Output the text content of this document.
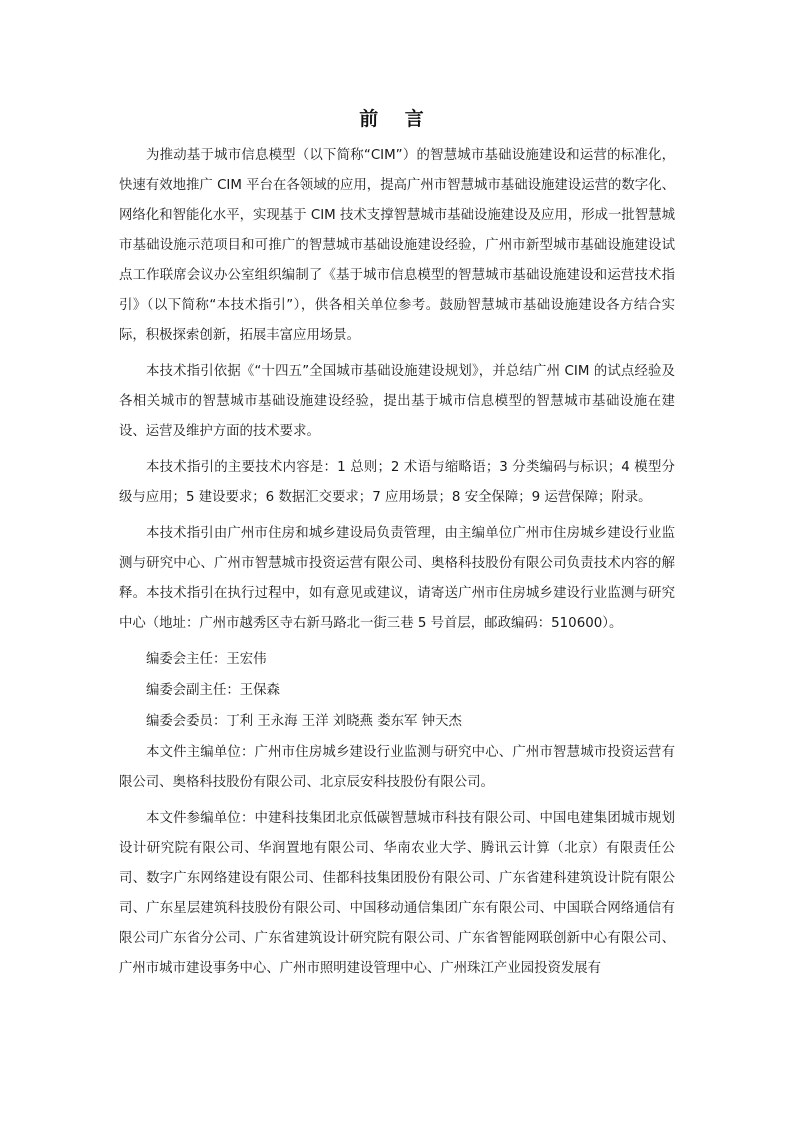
前 言

为推动基于城市信息模型（以下简称“CIM”）的智慧城市基础设施建设和运营的标准化，快速有效地推广 CIM 平台在各领域的应用，提高广州市智慧城市基础设施建设运营的数字化、网络化和智能化水平，实现基于 CIM 技术支撑智慧城市基础设施建设及应用，形成一批智慧城市基础设施示范项目和可推广的智慧城市基础设施建设经验，广州市新型城市基础设施建设试点工作联席会议办公室组织编制了《基于城市信息模型的智慧城市基础设施建设和运营技术指引》（以下简称“本技术指引”），供各相关单位参考。鼓励智慧城市基础设施建设各方结合实际，积极探索创新，拓展丰富应用场景。

本技术指引依据《“十四五”全国城市基础设施建设规划》，并总结广州 CIM 的试点经验及各相关城市的智慧城市基础设施建设经验，提出基于城市信息模型的智慧城市基础设施在建设、运营及维护方面的技术要求。

本技术指引的主要技术内容是：1 总则；2 术语与缩略语；3 分类编码与标识；4 模型分级与应用；5 建设要求；6 数据汇交要求；7 应用场景；8 安全保障；9 运营保障；附录。

本技术指引由广州市住房和城乡建设局负责管理，由主编单位广州市住房城乡建设行业监测与研究中心、广州市智慧城市投资运营有限公司、奥格科技股份有限公司负责技术内容的解释。本技术指引在执行过程中，如有意见或建议，请寄送广州市住房城乡建设行业监测与研究中心（地址：广州市越秀区寺右新马路北一街三巷 5 号首层，邮政编码：510600）。

编委会主任：王宏伟

编委会副主任：王保森

编委会委员：丁利 王永海 王洋 刘晓燕 娄东军 钟天杰

本文件主编单位：广州市住房城乡建设行业监测与研究中心、广州市智慧城市投资运营有限公司、奥格科技股份有限公司、北京辰安科技股份有限公司。

本文件参编单位：中建科技集团北京低碳智慧城市科技有限公司、中国电建集团城市规划设计研究院有限公司、华润置地有限公司、华南农业大学、腾讯云计算（北京）有限责任公司、数字广东网络建设有限公司、佳都科技集团股份有限公司、广东省建科建筑设计院有限公司、广东星层建筑科技股份有限公司、中国移动通信集团广东有限公司、中国联合网络通信有限公司广东省分公司、广东省建筑设计研究院有限公司、广东省智能网联创新中心有限公司、广州市城市建设事务中心、广州市照明建设管理中心、广州珠江产业园投资发展有
